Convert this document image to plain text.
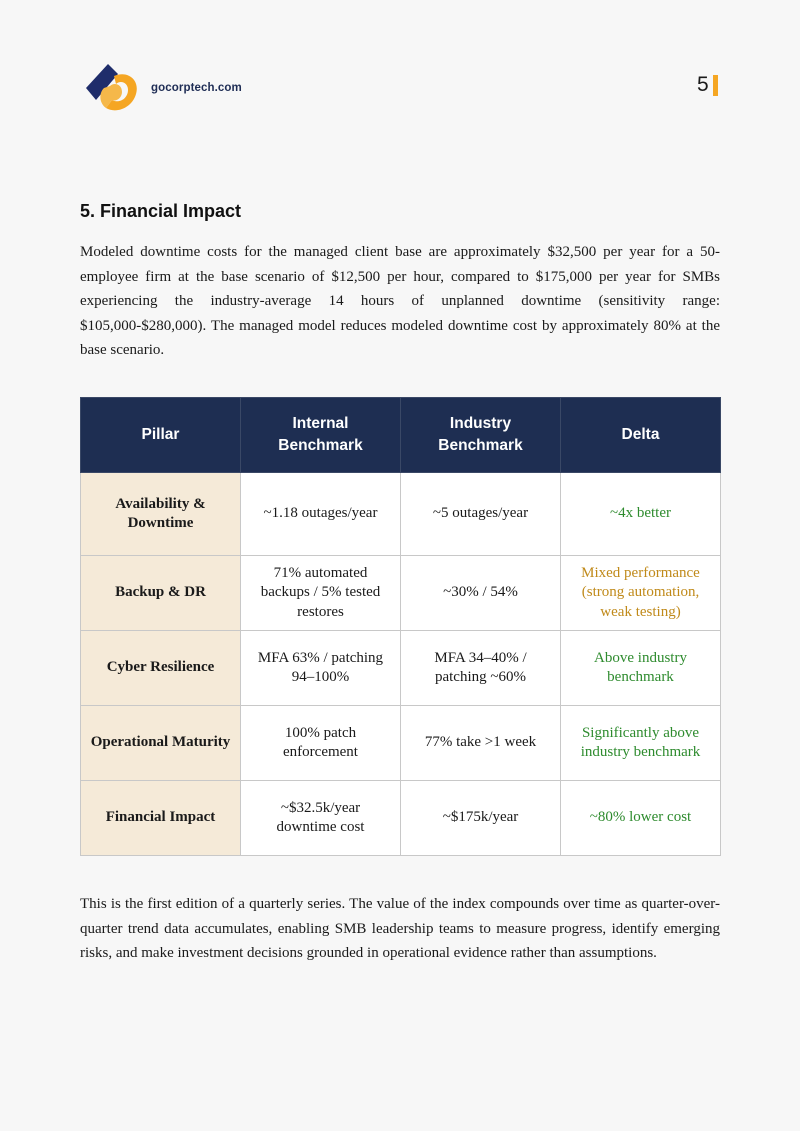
gocorptech.com	5
5. Financial Impact

Modeled downtime costs for the managed client base are approximately $32,500 per year for a 50-employee firm at the base scenario of $12,500 per hour, compared to $175,000 per year for SMBs experiencing the industry-average 14 hours of unplanned downtime (sensitivity range: $105,000-$280,000). The managed model reduces modeled downtime cost by approximately 80% at the base scenario.

Pillar	Internal Benchmark	Industry Benchmark	Delta
Availability & Downtime	~1.18 outages/year	~5 outages/year	~4x better
Backup & DR	71% automated backups / 5% tested restores	~30% / 54%	Mixed performance (strong automation, weak testing)
Cyber Resilience	MFA 63% / patching 94–100%	MFA 34–40% / patching ~60%	Above industry benchmark
Operational Maturity	100% patch enforcement	77% take >1 week	Significantly above industry benchmark
Financial Impact	~$32.5k/year downtime cost	~$175k/year	~80% lower cost

This is the first edition of a quarterly series. The value of the index compounds over time as quarter-over-quarter trend data accumulates, enabling SMB leadership teams to measure progress, identify emerging risks, and make investment decisions grounded in operational evidence rather than assumptions.
